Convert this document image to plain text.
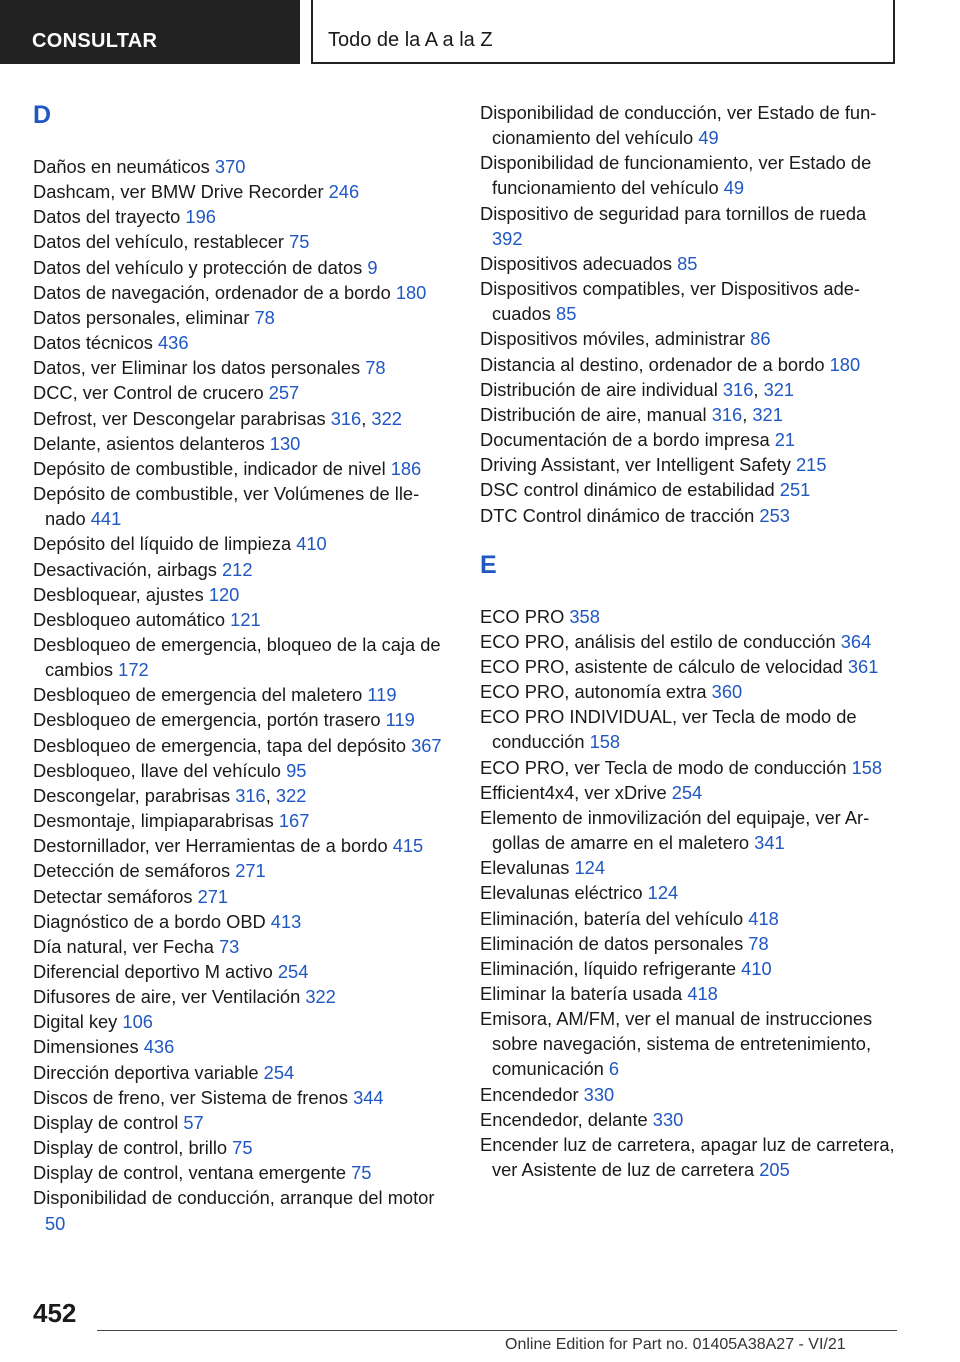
CONSULTAR	Todo de la A a la Z
D
Daños en neumáticos 370
Dashcam, ver BMW Drive Recorder 246
Datos del trayecto 196
Datos del vehículo, restablecer 75
Datos del vehículo y protección de datos 9
Datos de navegación, ordenador de a bordo 180
Datos personales, eliminar 78
Datos técnicos 436
Datos, ver Eliminar los datos personales 78
DCC, ver Control de crucero 257
Defrost, ver Descongelar parabrisas 316, 322
Delante, asientos delanteros 130
Depósito de combustible, indicador de nivel 186
Depósito de combustible, ver Volúmenes de llenado 441
Depósito del líquido de limpieza 410
Desactivación, airbags 212
Desbloquear, ajustes 120
Desbloqueo automático 121
Desbloqueo de emergencia, bloqueo de la caja de cambios 172
Desbloqueo de emergencia del maletero 119
Desbloqueo de emergencia, portón trasero 119
Desbloqueo de emergencia, tapa del depósito 367
Desbloqueo, llave del vehículo 95
Descongelar, parabrisas 316, 322
Desmontaje, limpiaparabrisas 167
Destornillador, ver Herramientas de a bordo 415
Detección de semáforos 271
Detectar semáforos 271
Diagnóstico de a bordo OBD 413
Día natural, ver Fecha 73
Diferencial deportivo M activo 254
Difusores de aire, ver Ventilación 322
Digital key 106
Dimensiones 436
Dirección deportiva variable 254
Discos de freno, ver Sistema de frenos 344
Display de control 57
Display de control, brillo 75
Display de control, ventana emergente 75
Disponibilidad de conducción, arranque del motor 50
Disponibilidad de conducción, ver Estado de funcionamiento del vehículo 49
Disponibilidad de funcionamiento, ver Estado de funcionamiento del vehículo 49
Dispositivo de seguridad para tornillos de rueda 392
Dispositivos adecuados 85
Dispositivos compatibles, ver Dispositivos adecuados 85
Dispositivos móviles, administrar 86
Distancia al destino, ordenador de a bordo 180
Distribución de aire individual 316, 321
Distribución de aire, manual 316, 321
Documentación de a bordo impresa 21
Driving Assistant, ver Intelligent Safety 215
DSC control dinámico de estabilidad 251
DTC Control dinámico de tracción 253
E
ECO PRO 358
ECO PRO, análisis del estilo de conducción 364
ECO PRO, asistente de cálculo de velocidad 361
ECO PRO, autonomía extra 360
ECO PRO INDIVIDUAL, ver Tecla de modo de conducción 158
ECO PRO, ver Tecla de modo de conducción 158
Efficient4x4, ver xDrive 254
Elemento de inmovilización del equipaje, ver Argollas de amarre en el maletero 341
Elevalunas 124
Elevalunas eléctrico 124
Eliminación, batería del vehículo 418
Eliminación de datos personales 78
Eliminación, líquido refrigerante 410
Eliminar la batería usada 418
Emisora, AM/FM, ver el manual de instrucciones sobre navegación, sistema de entretenimiento, comunicación 6
Encendedor 330
Encendedor, delante 330
Encender luz de carretera, apagar luz de carretera, ver Asistente de luz de carretera 205
452
Online Edition for Part no. 01405A38A27 - VI/21
